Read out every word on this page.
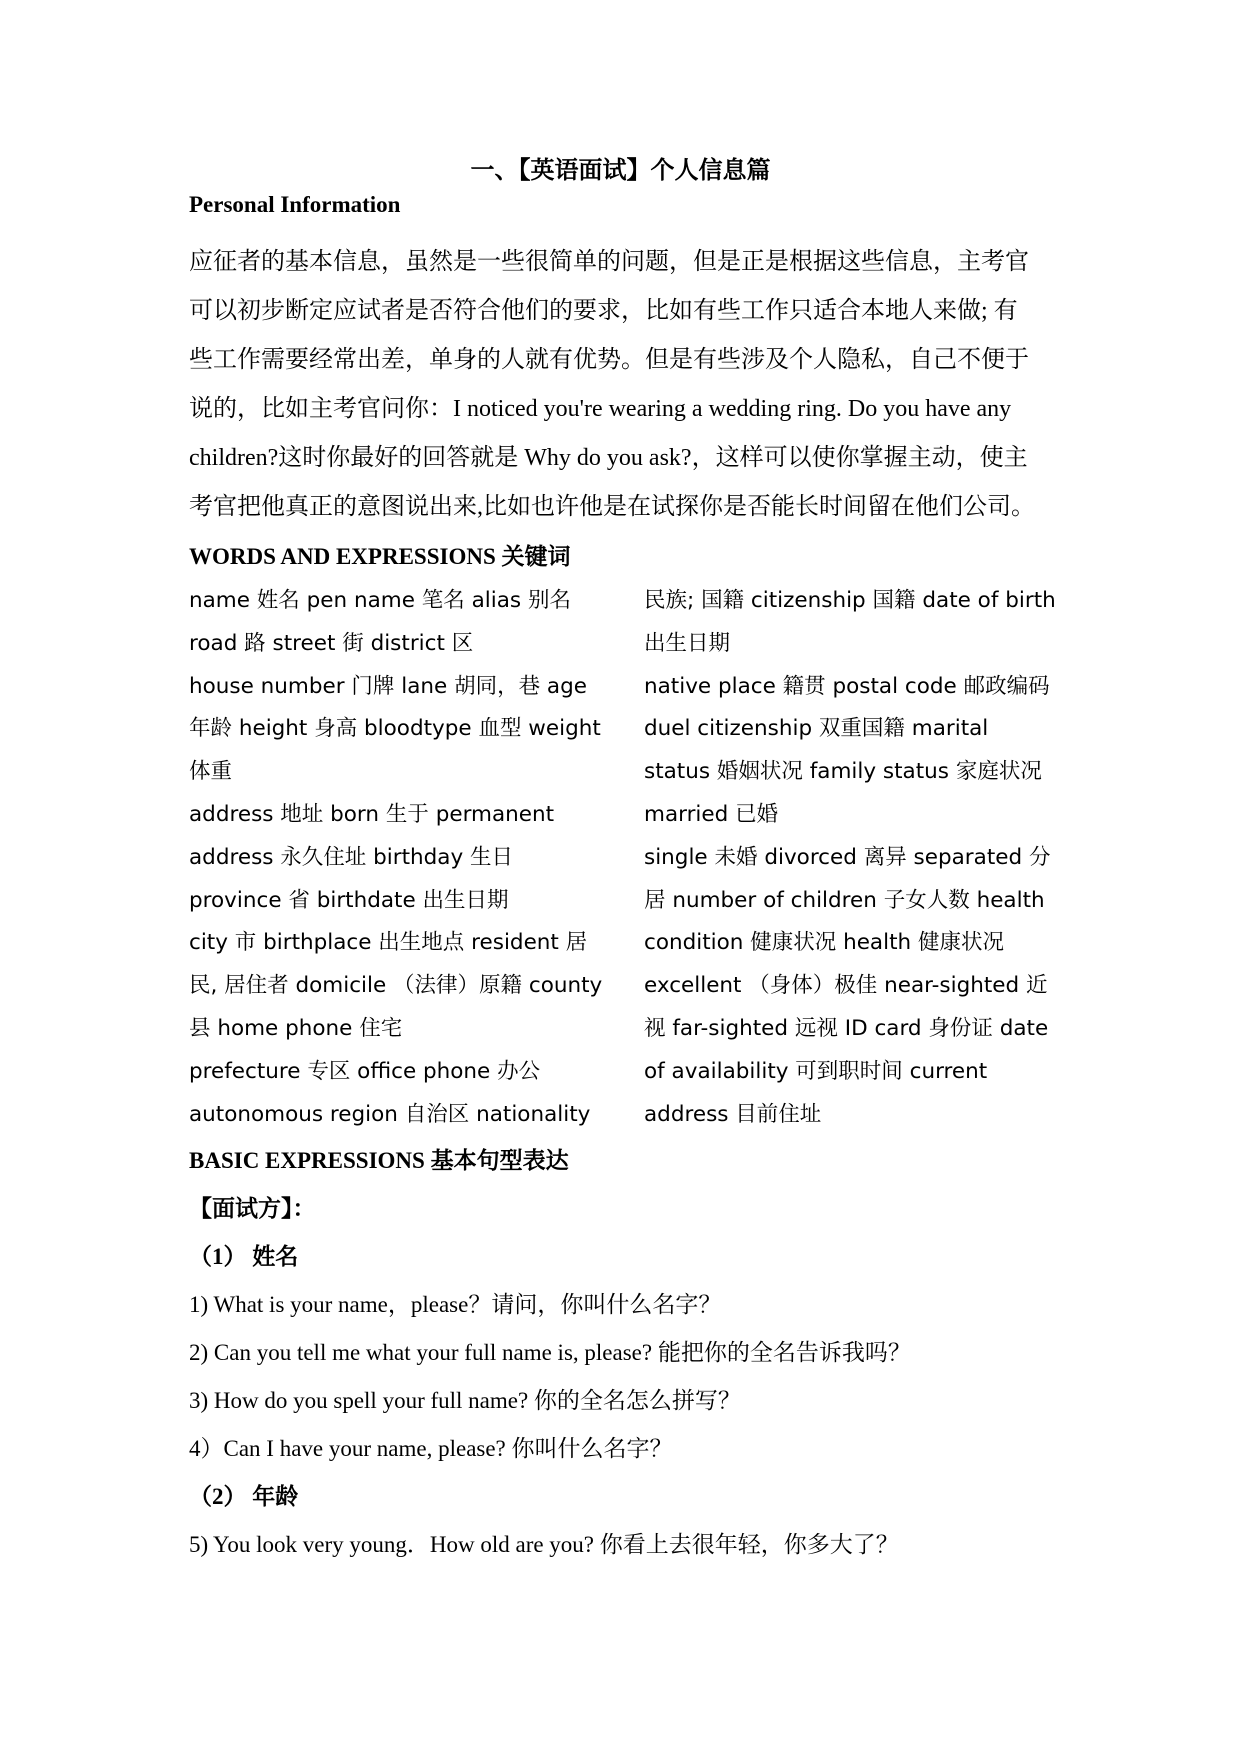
一、【英语面试】个人信息篇
Personal Information
应征者的基本信息，虽然是一些很简单的问题，但是正是根据这些信息，主考官
可以初步断定应试者是否符合他们的要求，比如有些工作只适合本地人来做; 有
些工作需要经常出差，单身的人就有优势。但是有些涉及个人隐私，自己不便于
说的，比如主考官问你：I noticed you're wearing a wedding ring. Do you have any
children?这时你最好的回答就是 Why do you ask?，这样可以使你掌握主动，使主
考官把他真正的意图说出来,比如也许他是在试探你是否能长时间留在他们公司。
WORDS AND EXPRESSIONS 关键词
name 姓名 pen name 笔名 alias 别名
road 路 street 街 district 区
house number 门牌 lane 胡同，巷 age
年龄 height 身高 bloodtype 血型 weight
体重
address 地址 born 生于 permanent
address 永久住址 birthday 生日
province 省 birthdate 出生日期
city 市 birthplace 出生地点 resident 居
民, 居住者 domicile （法律）原籍 county
县 home phone 住宅
prefecture 专区 office phone 办公
autonomous region 自治区 nationality
民族; 国籍 citizenship 国籍 date of birth
出生日期
native place 籍贯 postal code 邮政编码
duel citizenship 双重国籍 marital
status 婚姻状况 family status 家庭状况
married 已婚
single 未婚 divorced 离异 separated 分
居 number of children 子女人数 health
condition 健康状况 health 健康状况
excellent （身体）极佳 near-sighted 近
视 far-sighted 远视 ID card 身份证 date
of availability 可到职时间 current
address 目前住址
BASIC EXPRESSIONS 基本句型表达
【面试方】：
（1） 姓名
1) What is your name，please？请问，你叫什么名字？
2) Can you tell me what your full name is, please? 能把你的全名告诉我吗？
3) How do you spell your full name? 你的全名怎么拼写？
4）Can I have your name, please? 你叫什么名字？
（2） 年龄
5) You look very young．How old are you? 你看上去很年轻，你多大了？
